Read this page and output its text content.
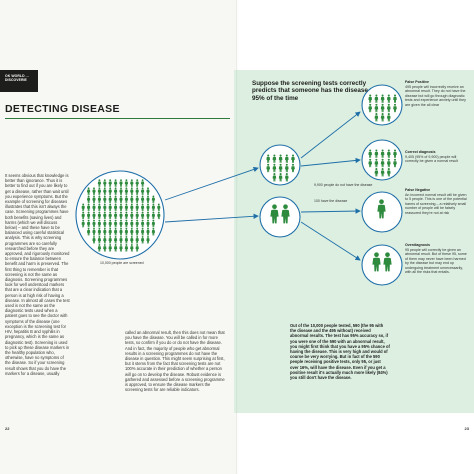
OK WORLD ... DISCOVERIE
DETECTING DISEASE

It seems obvious that knowledge is better than ignorance. Thus it is better to find out if you are likely to get a disease, rather than wait until you experience symptoms. But the example of screening for diseases illustrates that this isn't always the case. Screening programmes have both benefits (saving lives) and harms (which we will discuss below) – and these have to be balanced using careful statistical analysis. This is why screening programmes are so carefully researched before they are approved, and rigorously monitored to ensure the balance between benefit and harm is preserved. The first thing to remember is that screening is not the same as diagnosis. Screening programmes look for well understood markers that are a clear indication that a person is at high risk of having a disease. In almost all cases the test used is not the same as the diagnostic tests used when a patient goes to see the doctor with symptoms of the disease (one exception is the screening test for HIV, hepatitis B and syphilis in pregnancy, which is the same as diagnostic test). Screening is used to pick up these disease markers in the healthy population who, otherwise, have no symptoms of the disease. So if your screening result shows that you do have the markers for a disease, usually

called an abnormal result, then this does not mean that you have the disease. You will be called in for more tests, so confirm if you do or do not have the disease. And in fact, the majority of people who get abnormal results in a screening programmes do not have the disease in question. This might seem surprising at first, but it stems from the fact that screening tests are not 100% accurate in their prediction of whether a person will go on to develop the disease. Robust evidence is gathered and assessed before a screening programme is approved, to ensure the disease markers the screening tests for are reliable indicators.

10,000 people are screened
9,900 people do not have the disease
100 have the disease
Suppose the screening tests correctly predicts that someone has the disease 95% of the time

Out of the 10,000 people tested, 590 (the 95 with the disease and the 495 without) received abnormal results. The test has 95% accuracy so, if you were one of the 590 with an abnormal result, you might first think that you have a 95% chance of having the disease. This is very high and would of course be very worrying. But in fact of the 590 people receiving positive tests, only 95, or just over 16%, will have the disease. Even if you get a positive result it's actually much more likely (84%) you still don't have the disease.

False Positive
495 people will incorrectly receive an abnormal result. They do not have the disease but will go through diagnostic tests and experience anxiety until they are given the all clear
Correct diagnosis
9,405 (95% of 9,900) people will correctly be given a normal result
False Negative
An incorrect normal result will be given to 5 people. This is one of the potential harms of screening – a relatively small number of people will be falsely reassured they're not at risk
Overdiagnosis
95 people will correctly be given an abnormal result. But of these 95, some of them may never have been harmed by the disease but may end up undergoing treatment unnecessarily, with all the risks that entails.
22	23
